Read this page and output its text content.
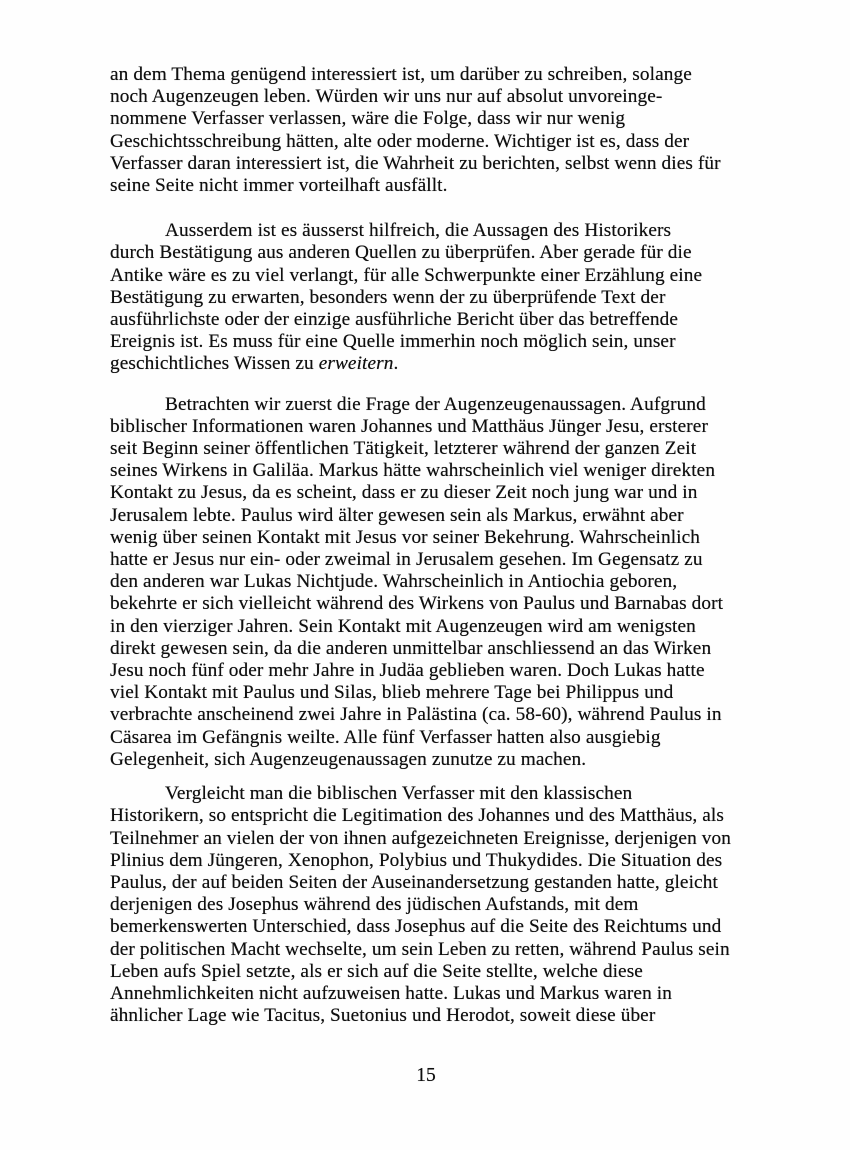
an dem Thema genügend interessiert ist, um darüber zu schreiben, solange
noch Augenzeugen leben. Würden wir uns nur auf absolut unvoreinge-
nommene Verfasser verlassen, wäre die Folge, dass wir nur wenig
Geschichtsschreibung hätten, alte oder moderne. Wichtiger ist es, dass der
Verfasser daran interessiert ist, die Wahrheit zu berichten, selbst wenn dies für
seine Seite nicht immer vorteilhaft ausfällt.
Ausserdem ist es äusserst hilfreich, die Aussagen des Historikers
durch Bestätigung aus anderen Quellen zu überprüfen. Aber gerade für die
Antike wäre es zu viel verlangt, für alle Schwerpunkte einer Erzählung eine
Bestätigung zu erwarten, besonders wenn der zu überprüfende Text der
ausführlichste oder der einzige ausführliche Bericht über das betreffende
Ereignis ist. Es muss für eine Quelle immerhin noch möglich sein, unser
geschichtliches Wissen zu erweitern.
Betrachten wir zuerst die Frage der Augenzeugenaussagen. Aufgrund
biblischer Informationen waren Johannes und Matthäus Jünger Jesu, ersterer
seit Beginn seiner öffentlichen Tätigkeit, letzterer während der ganzen Zeit
seines Wirkens in Galiläa. Markus hätte wahrscheinlich viel weniger direkten
Kontakt zu Jesus, da es scheint, dass er zu dieser Zeit noch jung war und in
Jerusalem lebte. Paulus wird älter gewesen sein als Markus, erwähnt aber
wenig über seinen Kontakt mit Jesus vor seiner Bekehrung. Wahrscheinlich
hatte er Jesus nur ein- oder zweimal in Jerusalem gesehen. Im Gegensatz zu
den anderen war Lukas Nichtjude. Wahrscheinlich in Antiochia geboren,
bekehrte er sich vielleicht während des Wirkens von Paulus und Barnabas dort
in den vierziger Jahren. Sein Kontakt mit Augenzeugen wird am wenigsten
direkt gewesen sein, da die anderen unmittelbar anschliessend an das Wirken
Jesu noch fünf oder mehr Jahre in Judäa geblieben waren. Doch Lukas hatte
viel Kontakt mit Paulus und Silas, blieb mehrere Tage bei Philippus und
verbrachte anscheinend zwei Jahre in Palästina (ca. 58-60), während Paulus in
Cäsarea im Gefängnis weilte. Alle fünf Verfasser hatten also ausgiebig
Gelegenheit, sich Augenzeugenaussagen zunutze zu machen.
Vergleicht man die biblischen Verfasser mit den klassischen
Historikern, so entspricht die Legitimation des Johannes und des Matthäus, als
Teilnehmer an vielen der von ihnen aufgezeichneten Ereignisse, derjenigen von
Plinius dem Jüngeren, Xenophon, Polybius und Thukydides. Die Situation des
Paulus, der auf beiden Seiten der Auseinandersetzung gestanden hatte, gleicht
derjenigen des Josephus während des jüdischen Aufstands, mit dem
bemerkenswerten Unterschied, dass Josephus auf die Seite des Reichtums und
der politischen Macht wechselte, um sein Leben zu retten, während Paulus sein
Leben aufs Spiel setzte, als er sich auf die Seite stellte, welche diese
Annehmlichkeiten nicht aufzuweisen hatte. Lukas und Markus waren in
ähnlicher Lage wie Tacitus, Suetonius und Herodot, soweit diese über
15
